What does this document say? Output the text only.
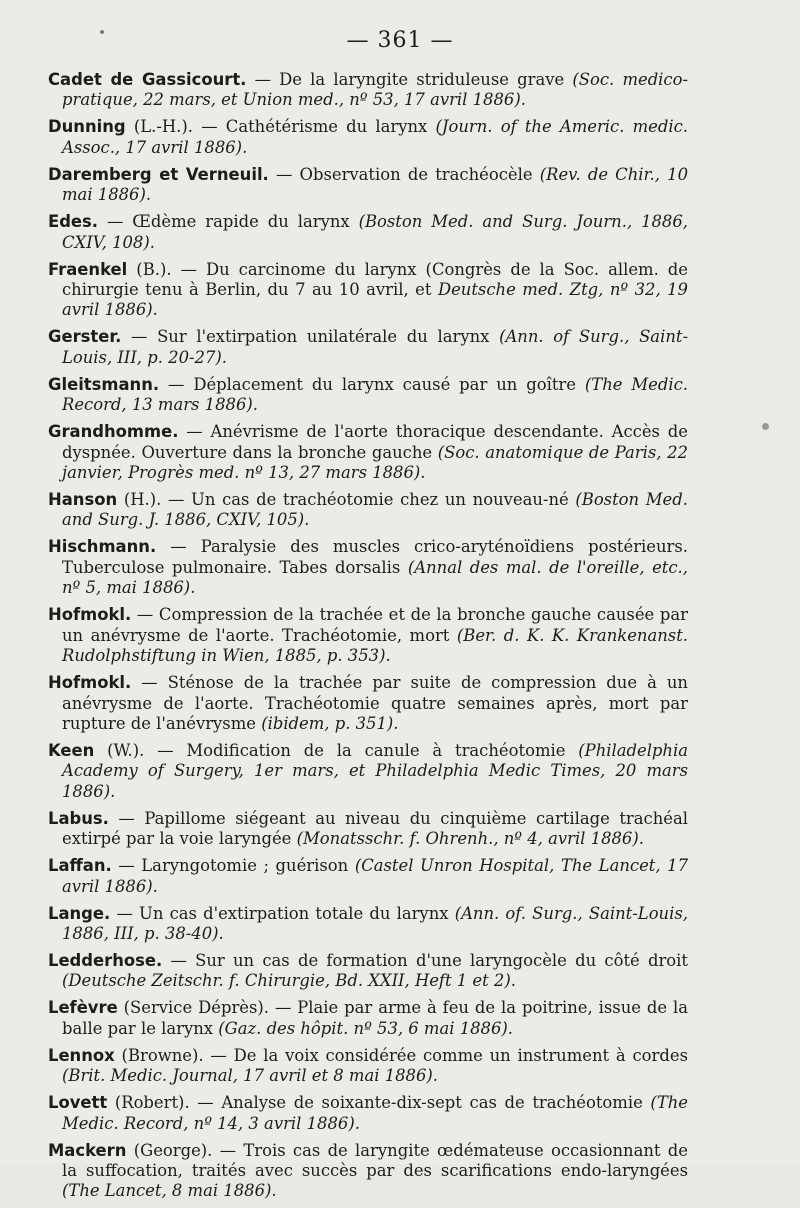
— 361 —
Cadet de Gassicourt. — De la laryngite striduleuse grave (Soc. medico-pratique, 22 mars, et Union med., nº 53, 17 avril 1886).
Dunning (L.-H.). — Cathétérisme du larynx (Journ. of the Americ. medic. Assoc., 17 avril 1886).
Daremberg et Verneuil. — Observation de trachéocèle (Rev. de Chir., 10 mai 1886).
Edes. — Œdème rapide du larynx (Boston Med. and Surg. Journ., 1886, CXIV, 108).
Fraenkel (B.). — Du carcinome du larynx (Congrès de la Soc. allem. de chirurgie tenu à Berlin, du 7 au 10 avril, et Deutsche med. Ztg, nº 32, 19 avril 1886).
Gerster. — Sur l'extirpation unilatérale du larynx (Ann. of Surg., Saint-Louis, III, p. 20-27).
Gleitsmann. — Déplacement du larynx causé par un goître (The Medic. Record, 13 mars 1886).
Grandhomme. — Anévrisme de l'aorte thoracique descendante. Accès de dyspnée. Ouverture dans la bronche gauche (Soc. anatomique de Paris, 22 janvier, Progrès med. nº 13, 27 mars 1886).
Hanson (H.). — Un cas de trachéotomie chez un nouveau-né (Boston Med. and Surg. J. 1886, CXIV, 105).
Hischmann. — Paralysie des muscles crico-aryténoïdiens postérieurs. Tuberculose pulmonaire. Tabes dorsalis (Annal des mal. de l'oreille, etc., nº 5, mai 1886).
Hofmokl. — Compression de la trachée et de la bronche gauche causée par un anévrysme de l'aorte. Trachéotomie, mort (Ber. d. K. K. Krankenanst. Rudolphstiftung in Wien, 1885, p. 353).
Hofmokl. — Sténose de la trachée par suite de compression due à un anévrysme de l'aorte. Trachéotomie quatre semaines après, mort par rupture de l'anévrysme (ibidem, p. 351).
Keen (W.). — Modification de la canule à trachéotomie (Philadelphia Academy of Surgery, 1er mars, et Philadelphia Medic Times, 20 mars 1886).
Labus. — Papillome siégeant au niveau du cinquième cartilage trachéal extirpé par la voie laryngée (Monatsschr. f. Ohrenh., nº 4, avril 1886).
Laffan. — Laryngotomie ; guérison (Castel Unron Hospital, The Lancet, 17 avril 1886).
Lange. — Un cas d'extirpation totale du larynx (Ann. of. Surg., Saint-Louis, 1886, III, p. 38-40).
Ledderhose. — Sur un cas de formation d'une laryngocèle du côté droit (Deutsche Zeitschr. f. Chirurgie, Bd. XXII, Heft 1 et 2).
Lefèvre (Service Déprès). — Plaie par arme à feu de la poitrine, issue de la balle par le larynx (Gaz. des hôpit. nº 53, 6 mai 1886).
Lennox (Browne). — De la voix considérée comme un instrument à cordes (Brit. Medic. Journal, 17 avril et 8 mai 1886).
Lovett (Robert). — Analyse de soixante-dix-sept cas de trachéotomie (The Medic. Record, nº 14, 3 avril 1886).
Mackern (George). — Trois cas de laryngite œdémateuse occasionnant de la suffocation, traités avec succès par des scarifications endo-laryngées (The Lancet, 8 mai 1886).
